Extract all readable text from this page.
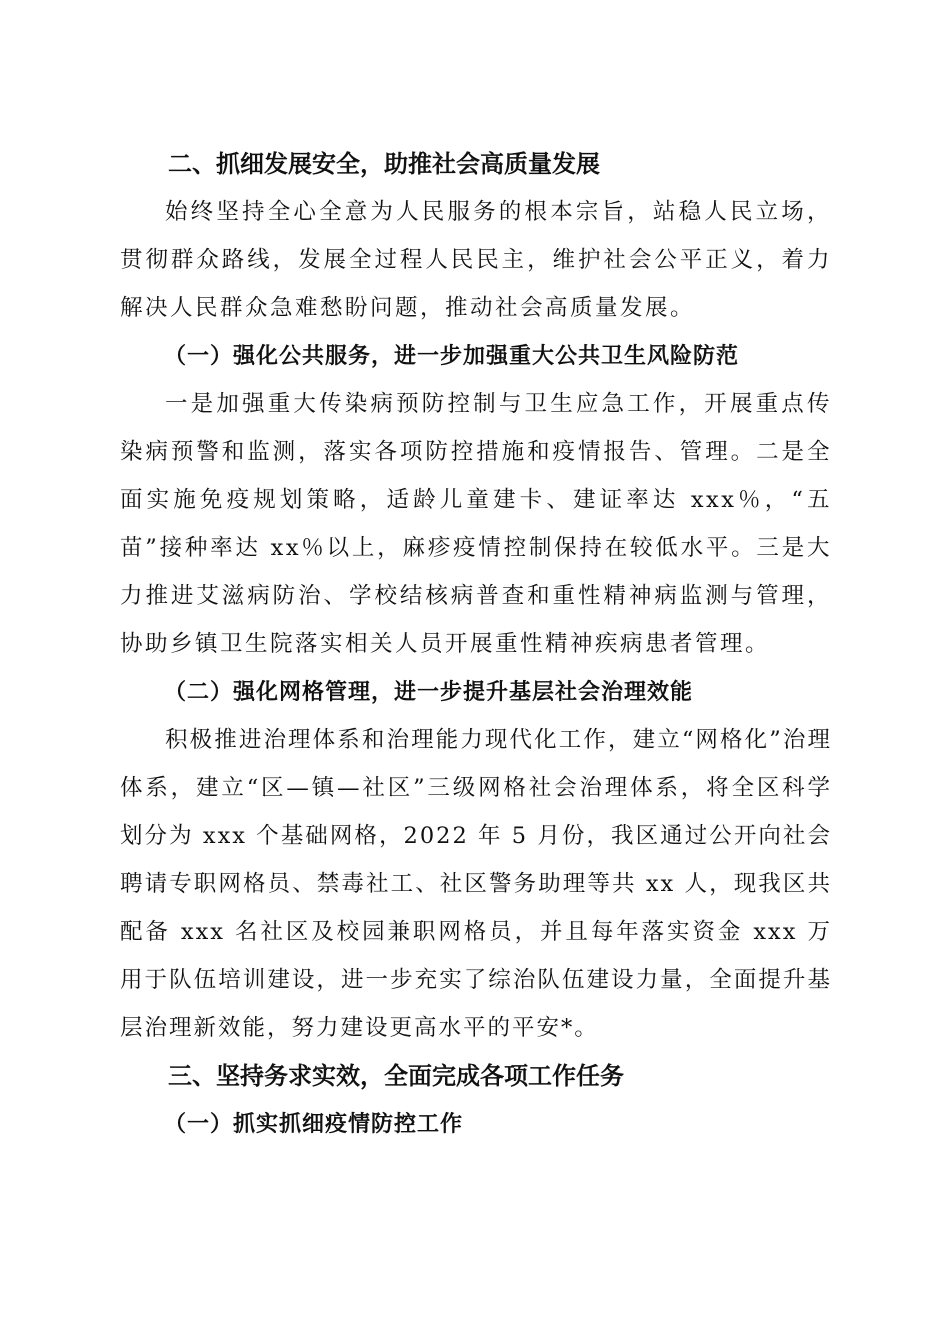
二、抓细发展安全，助推社会高质量发展

始终坚持全心全意为人民服务的根本宗旨，站稳人民立场，贯彻群众路线，发展全过程人民民主，维护社会公平正义，着力解决人民群众急难愁盼问题，推动社会高质量发展。

（一）强化公共服务，进一步加强重大公共卫生风险防范

一是加强重大传染病预防控制与卫生应急工作，开展重点传染病预警和监测，落实各项防控措施和疫情报告、管理。二是全面实施免疫规划策略，适龄儿童建卡、建证率达 xxx％，“五苗”接种率达 xx％以上，麻疹疫情控制保持在较低水平。三是大力推进艾滋病防治、学校结核病普查和重性精神病监测与管理，协助乡镇卫生院落实相关人员开展重性精神疾病患者管理。

（二）强化网格管理，进一步提升基层社会治理效能

积极推进治理体系和治理能力现代化工作，建立“网格化”治理体系，建立“区—镇—社区”三级网格社会治理体系，将全区科学划分为 xxx 个基础网格，2022 年 5 月份，我区通过公开向社会聘请专职网格员、禁毒社工、社区警务助理等共 xx 人，现我区共配备 xxx 名社区及校园兼职网格员，并且每年落实资金 xxx 万用于队伍培训建设，进一步充实了综治队伍建设力量，全面提升基层治理新效能，努力建设更高水平的平安*。

三、坚持务求实效，全面完成各项工作任务
（一）抓实抓细疫情防控工作
